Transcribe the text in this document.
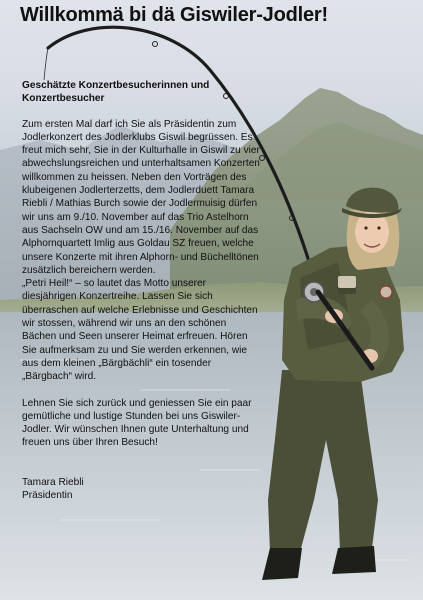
Willkommä bi dä Giswiler-Jodler!

Geschätzte Konzertbesucherinnen und Konzertbesucher

Zum ersten Mal darf ich Sie als Präsidentin zum Jodlerkonzert des Jodlerklubs Giswil begrüssen. Es freut mich sehr, Sie in der Kulturhalle in Giswil zu vier abwechslungsreichen und unterhaltsamen Konzerten willkommen zu heissen. Neben den Vorträgen des klubeigenen Jodlerterzetts, dem Jodlerduett Tamara Riebli / Mathias Burch sowie der Jodlermuisig dürfen wir uns am 9./10. November auf das Trio Astelhorn aus Sachseln OW und am 15./16. November auf das Alphornquartett Imlig aus Goldau SZ freuen, welche unsere Konzerte mit ihren Alphorn- und Büchelltönen zusätzlich bereichern werden.

„Petri Heil!“ – so lautet das Motto unserer diesjährigen Konzertreihe. Lassen Sie sich überraschen auf welche Erlebnisse und Geschichten wir stossen, während wir uns an den schönen Bächen und Seen unserer Heimat erfreuen. Hören Sie aufmerksam zu und Sie werden erkennen, wie aus dem kleinen „Bärgbächli“ ein tosender „Bärgbach“ wird.

Lehnen Sie sich zurück und geniessen Sie ein paar gemütliche und lustige Stunden bei uns Giswiler-Jodler. Wir wünschen Ihnen gute Unterhaltung und freuen uns über Ihren Besuch!

Tamara Riebli

Präsidentin
